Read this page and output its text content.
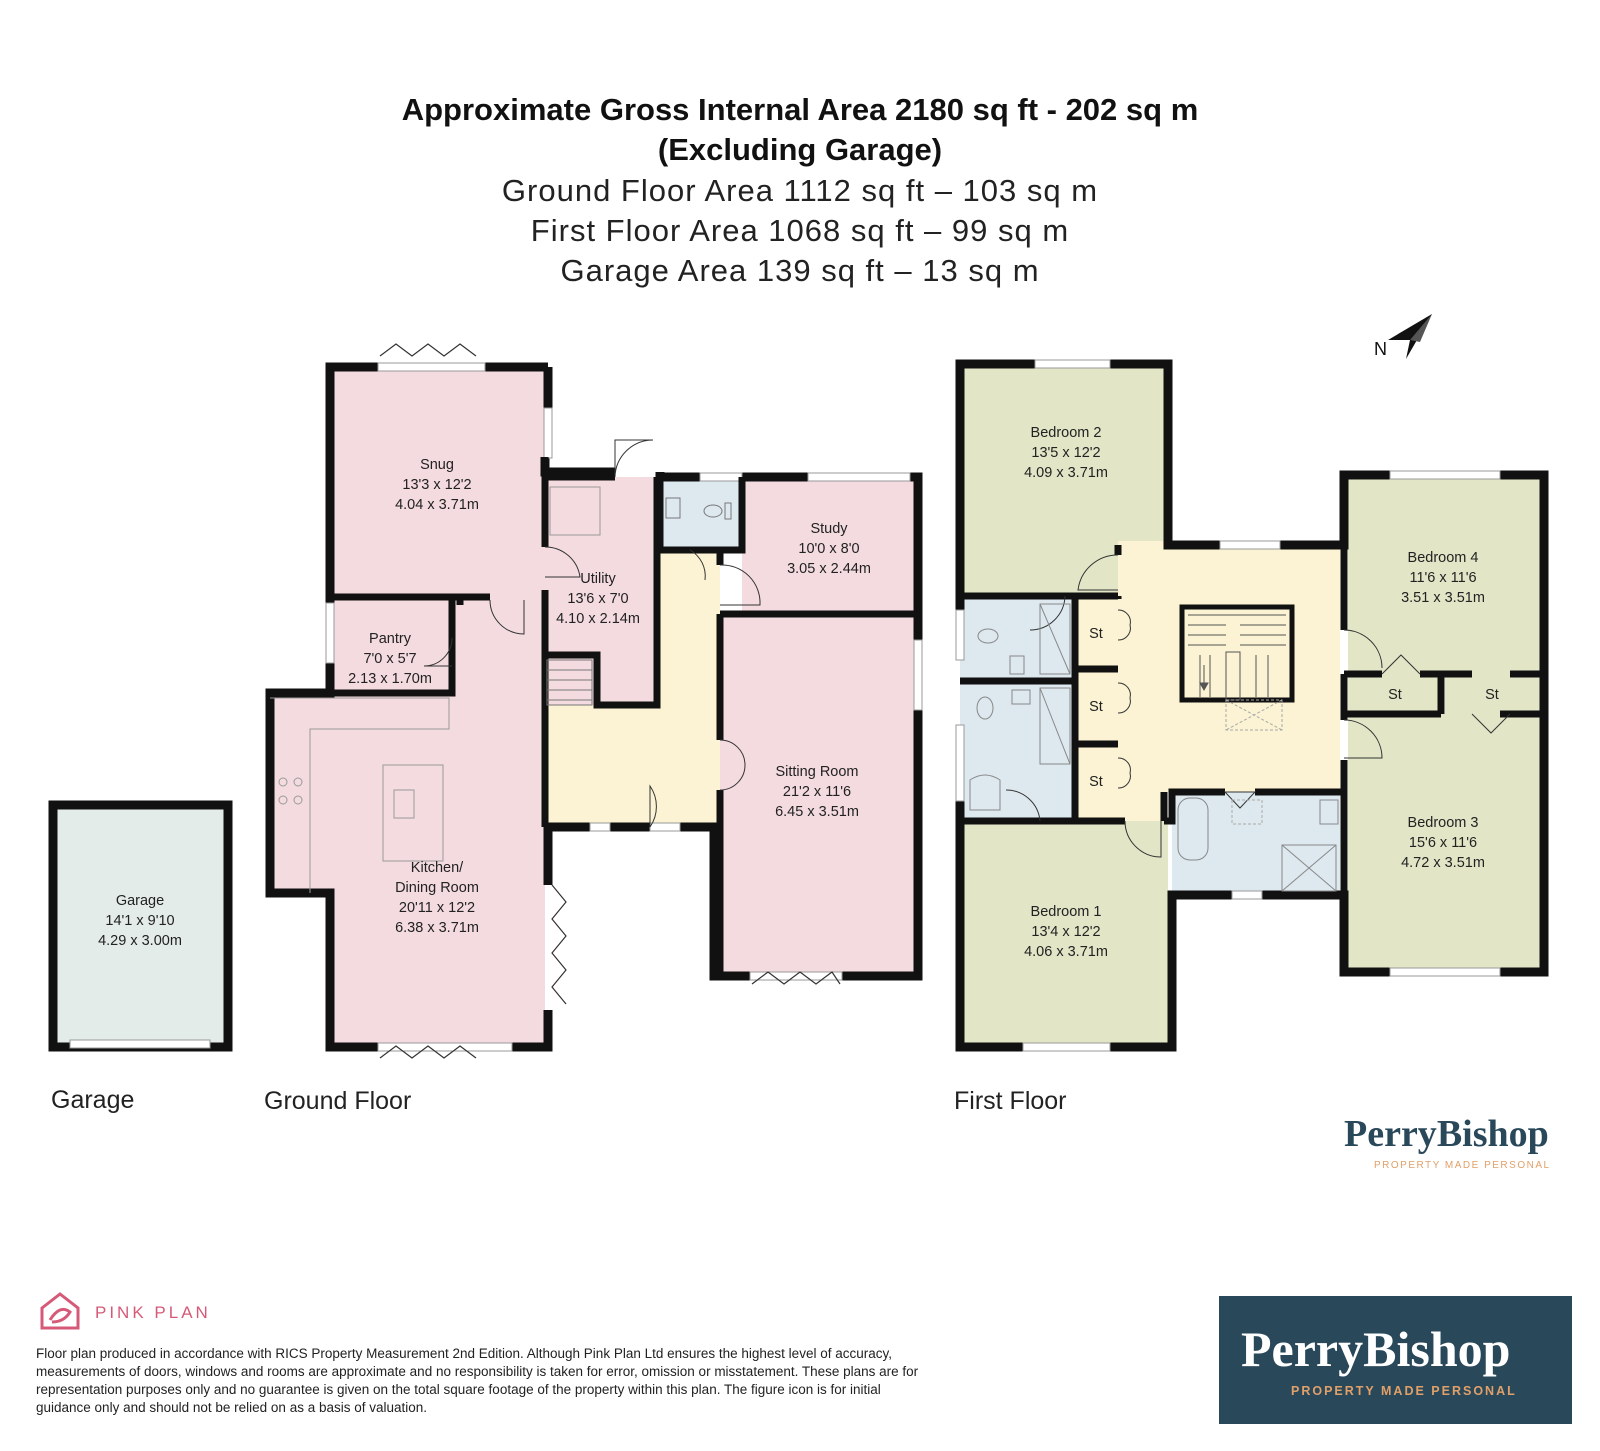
Approximate Gross Internal Area 2180 sq ft - 202 sq m
(Excluding Garage)
Ground Floor Area 1112 sq ft – 103 sq m
First Floor Area 1068 sq ft – 99 sq m
Garage Area 139 sq ft – 13 sq m
N
Snug
13'3 x 12'2
4.04 x 3.71m
Utility
13'6 x 7'0
4.10 x 2.14m
Study
10'0 x 8'0
3.05 x 2.44m
Pantry
7'0 x 5'7
2.13 x 1.70m
Sitting Room
21'2 x 11'6
6.45 x 3.51m
Kitchen/
Dining Room
20'11 x 12'2
6.38 x 3.71m
Garage
14'1 x 9'10
4.29 x 3.00m
Bedroom 2
13'5 x 12'2
4.09 x 3.71m
Bedroom 4
11'6 x 11'6
3.51 x 3.51m
Bedroom 3
15'6 x 11'6
4.72 x 3.51m
Bedroom 1
13'4 x 12'2
4.06 x 3.71m
St
St
St
St	St
Garage	Ground Floor	First Floor
PerryBishop
PROPERTY MADE PERSONAL
PINK PLAN
Floor plan produced in accordance with RICS Property Measurement 2nd Edition. Although Pink Plan Ltd ensures the highest level of accuracy, measurements of doors, windows and rooms are approximate and no responsibility is taken for error, omission or misstatement. These plans are for representation purposes only and no guarantee is given on the total square footage of the property within this plan. The figure icon is for initial guidance only and should not be relied on as a basis of valuation.
PerryBishop
PROPERTY MADE PERSONAL
